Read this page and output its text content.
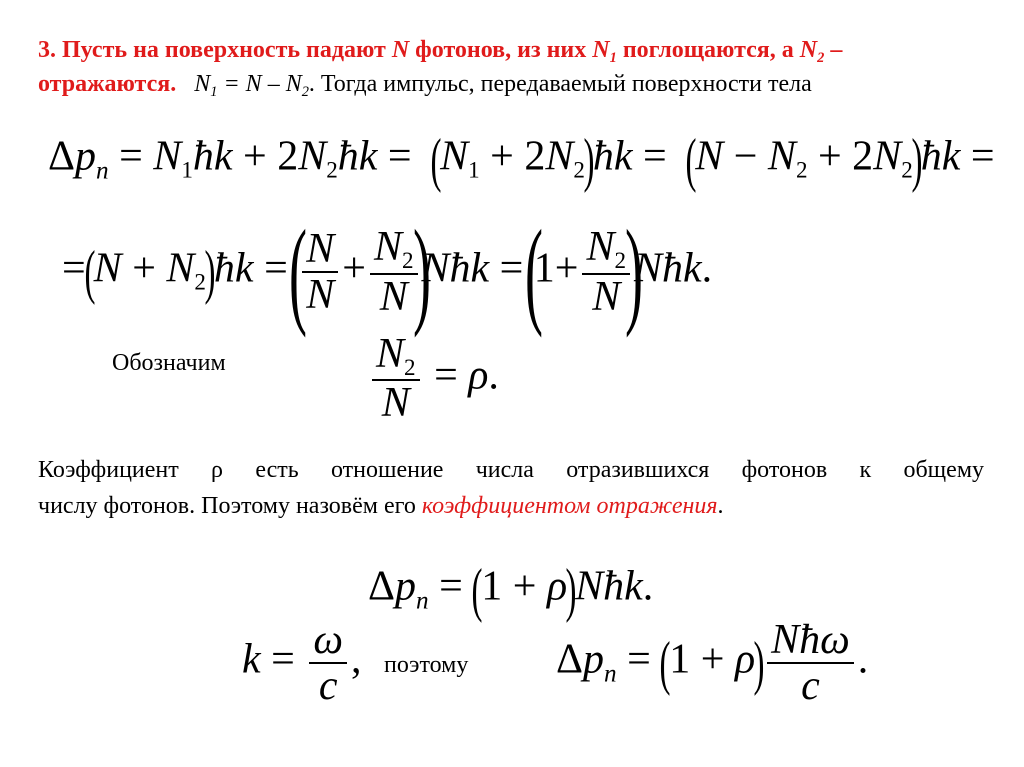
3. Пусть на поверхность падают N фотонов, из них $N_1$ поглощаются, а $N_2$ –
отражаются. $N_1 = N - N_2$. Тогда импульс, передаваемый поверхности тела
$\Delta p_n$ = $N_1ħk$ + $2N_2ħk = (N_1$ + $2N_2)ħk = (N - N_2$ + $2N_2)ħk$ =
$=(N + N_2)ħk$ = (
$\frac{N}{N} + \frac{N_2}{N}$
)Nħk = ($1+ \frac{N_2}{N}$
)Nħk.
Обозначим	$\frac{N_2}{N} = \rho$.
Коэффициент ρ есть отношение числа отразившихся фотонов к общему
числу фотонов. Поэтому назовём его коэффициентом отражения.
$\Delta p_n = (1$ + ρ)Nħk.
$k = \frac{\omega}{c}$ , поэтому $\Delta p_n = (1 + \rho) \frac{\text{Nħω}}{c}$ .
